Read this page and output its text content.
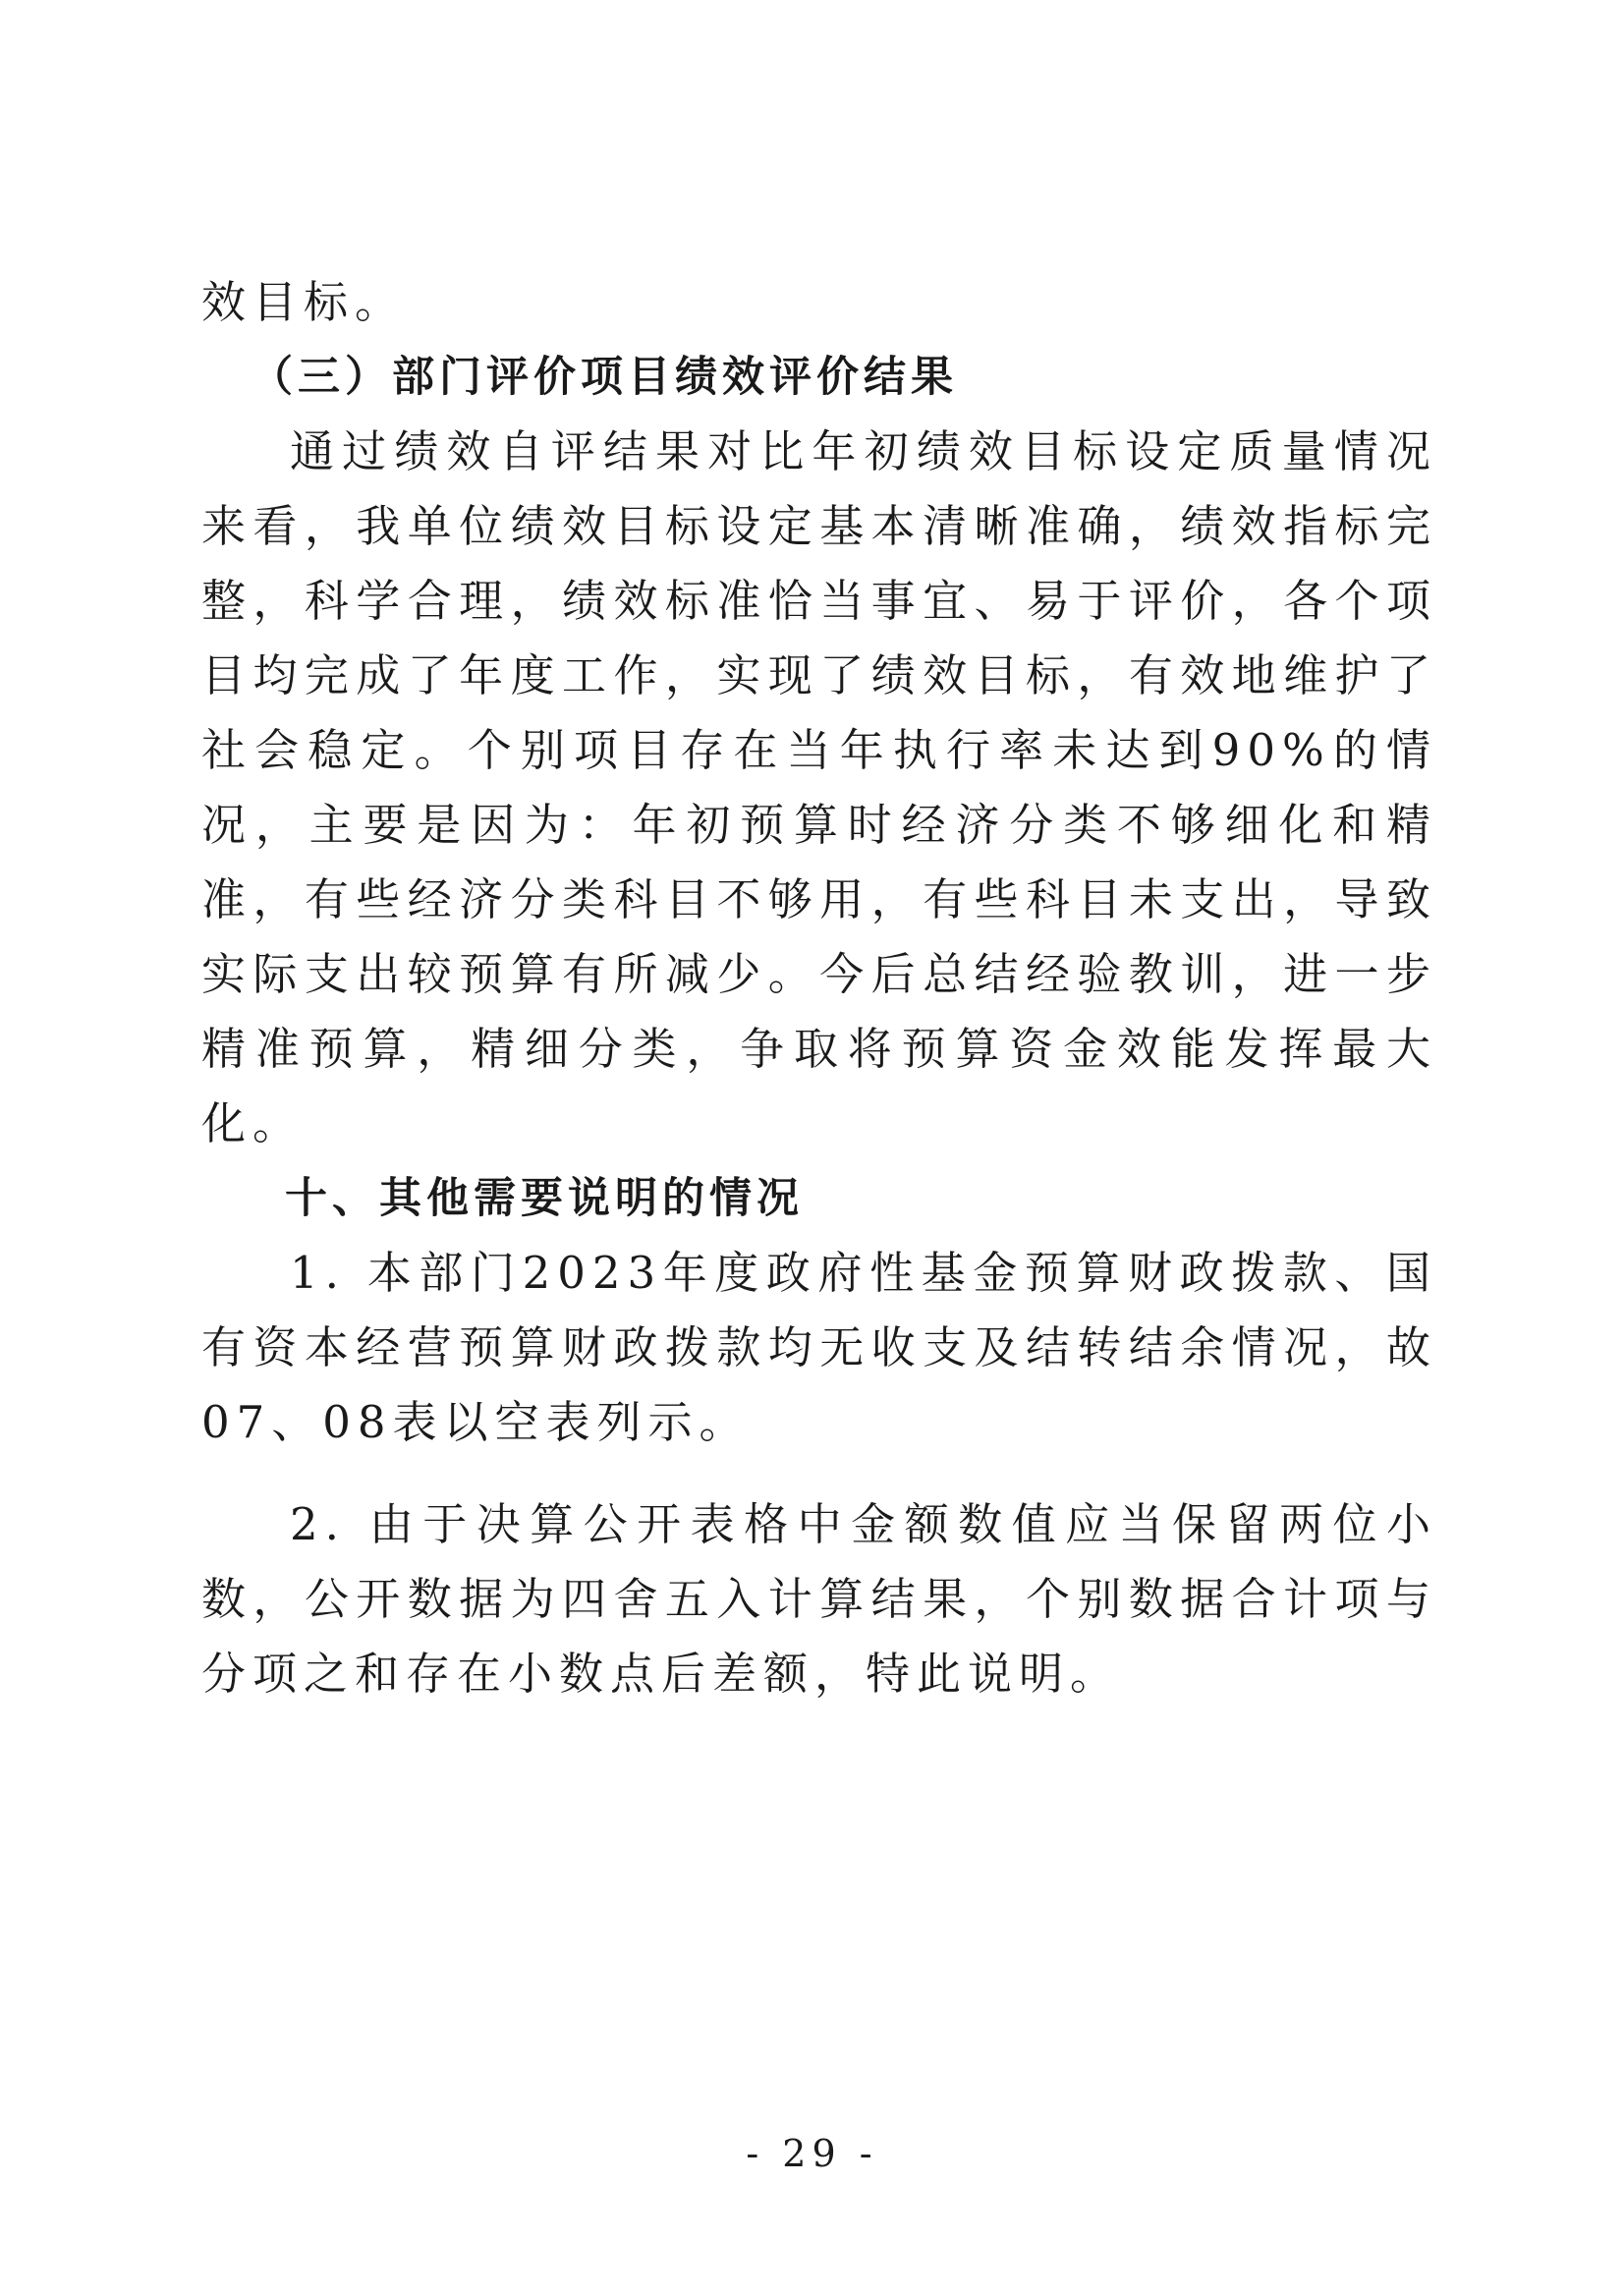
效目标。

（三）部门评价项目绩效评价结果

通过绩效自评结果对比年初绩效目标设定质量情况来看，我单位绩效目标设定基本清晰准确，绩效指标完整，科学合理，绩效标准恰当事宜、易于评价，各个项目均完成了年度工作，实现了绩效目标，有效地维护了社会稳定。个别项目存在当年执行率未达到90%的情况，主要是因为：年初预算时经济分类不够细化和精准，有些经济分类科目不够用，有些科目未支出，导致实际支出较预算有所减少。今后总结经验教训，进一步精准预算，精细分类，争取将预算资金效能发挥最大化。

十、其他需要说明的情况

1. 本部门2023年度政府性基金预算财政拨款、国有资本经营预算财政拨款均无收支及结转结余情况，故07、08表以空表列示。

2. 由于决算公开表格中金额数值应当保留两位小数，公开数据为四舍五入计算结果，个别数据合计项与分项之和存在小数点后差额，特此说明。

- 29 -
